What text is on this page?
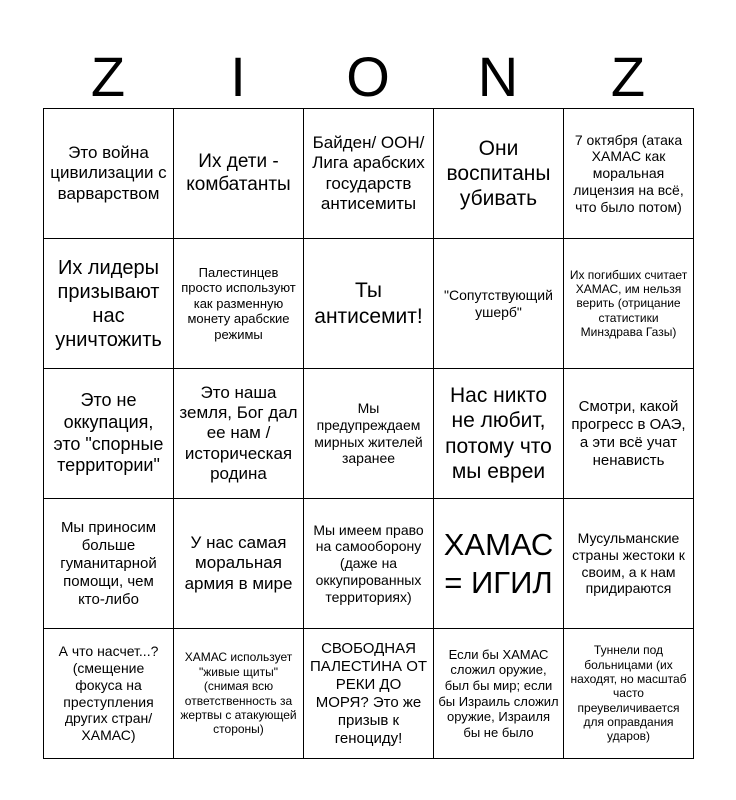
Z	I	O	N	Z
Это война цивилизации с варварством	Их дети - комбатанты	Байден/ ООН/Лига арабских государств антисемиты	Они воспитаны убивать	7 октября (атака ХАМАС как моральная лицензия на всё, что было потом)
Их лидеры призывают нас уничтожить	Палестинцев просто используют как разменную монету арабские режимы	Ты антисемит!	"Сопутствующий ушерб"	Их погибших считает ХАМАС, им нельзя верить (отрицание статистики Минздрава Газы)
Это не оккупация, это "спорные территории"	Это наша земля, Бог дал ее нам / историческая родина	Мы предупреждаем мирных жителей заранее	Нас никто не любит, потому что мы евреи	Смотри, какой прогресс в ОАЭ, а эти всё учат ненависть
Мы приносим больше гуманитарной помощи, чем кто-либо	У нас самая моральная армия в мире	Мы имеем право на самооборону (даже на оккупированных территориях)	ХАМАС = ИГИЛ	Мусульманские страны жестоки к своим, а к нам придираются
А что насчет...? (смещение фокуса на преступления других стран/ ХАМАС)	ХАМАС использует "живые щиты" (снимая всю ответственность за жертвы с атакующей стороны)	СВОБОДНАЯ ПАЛЕСТИНА ОТ РЕКИ ДО МОРЯ? Это же призыв к геноциду!	Если бы ХАМАС сложил оружие, был бы мир; если бы Израиль сложил оружие, Израиля бы не было	Туннели под больницами (их находят, но масштаб часто преувеличивается для оправдания ударов)
